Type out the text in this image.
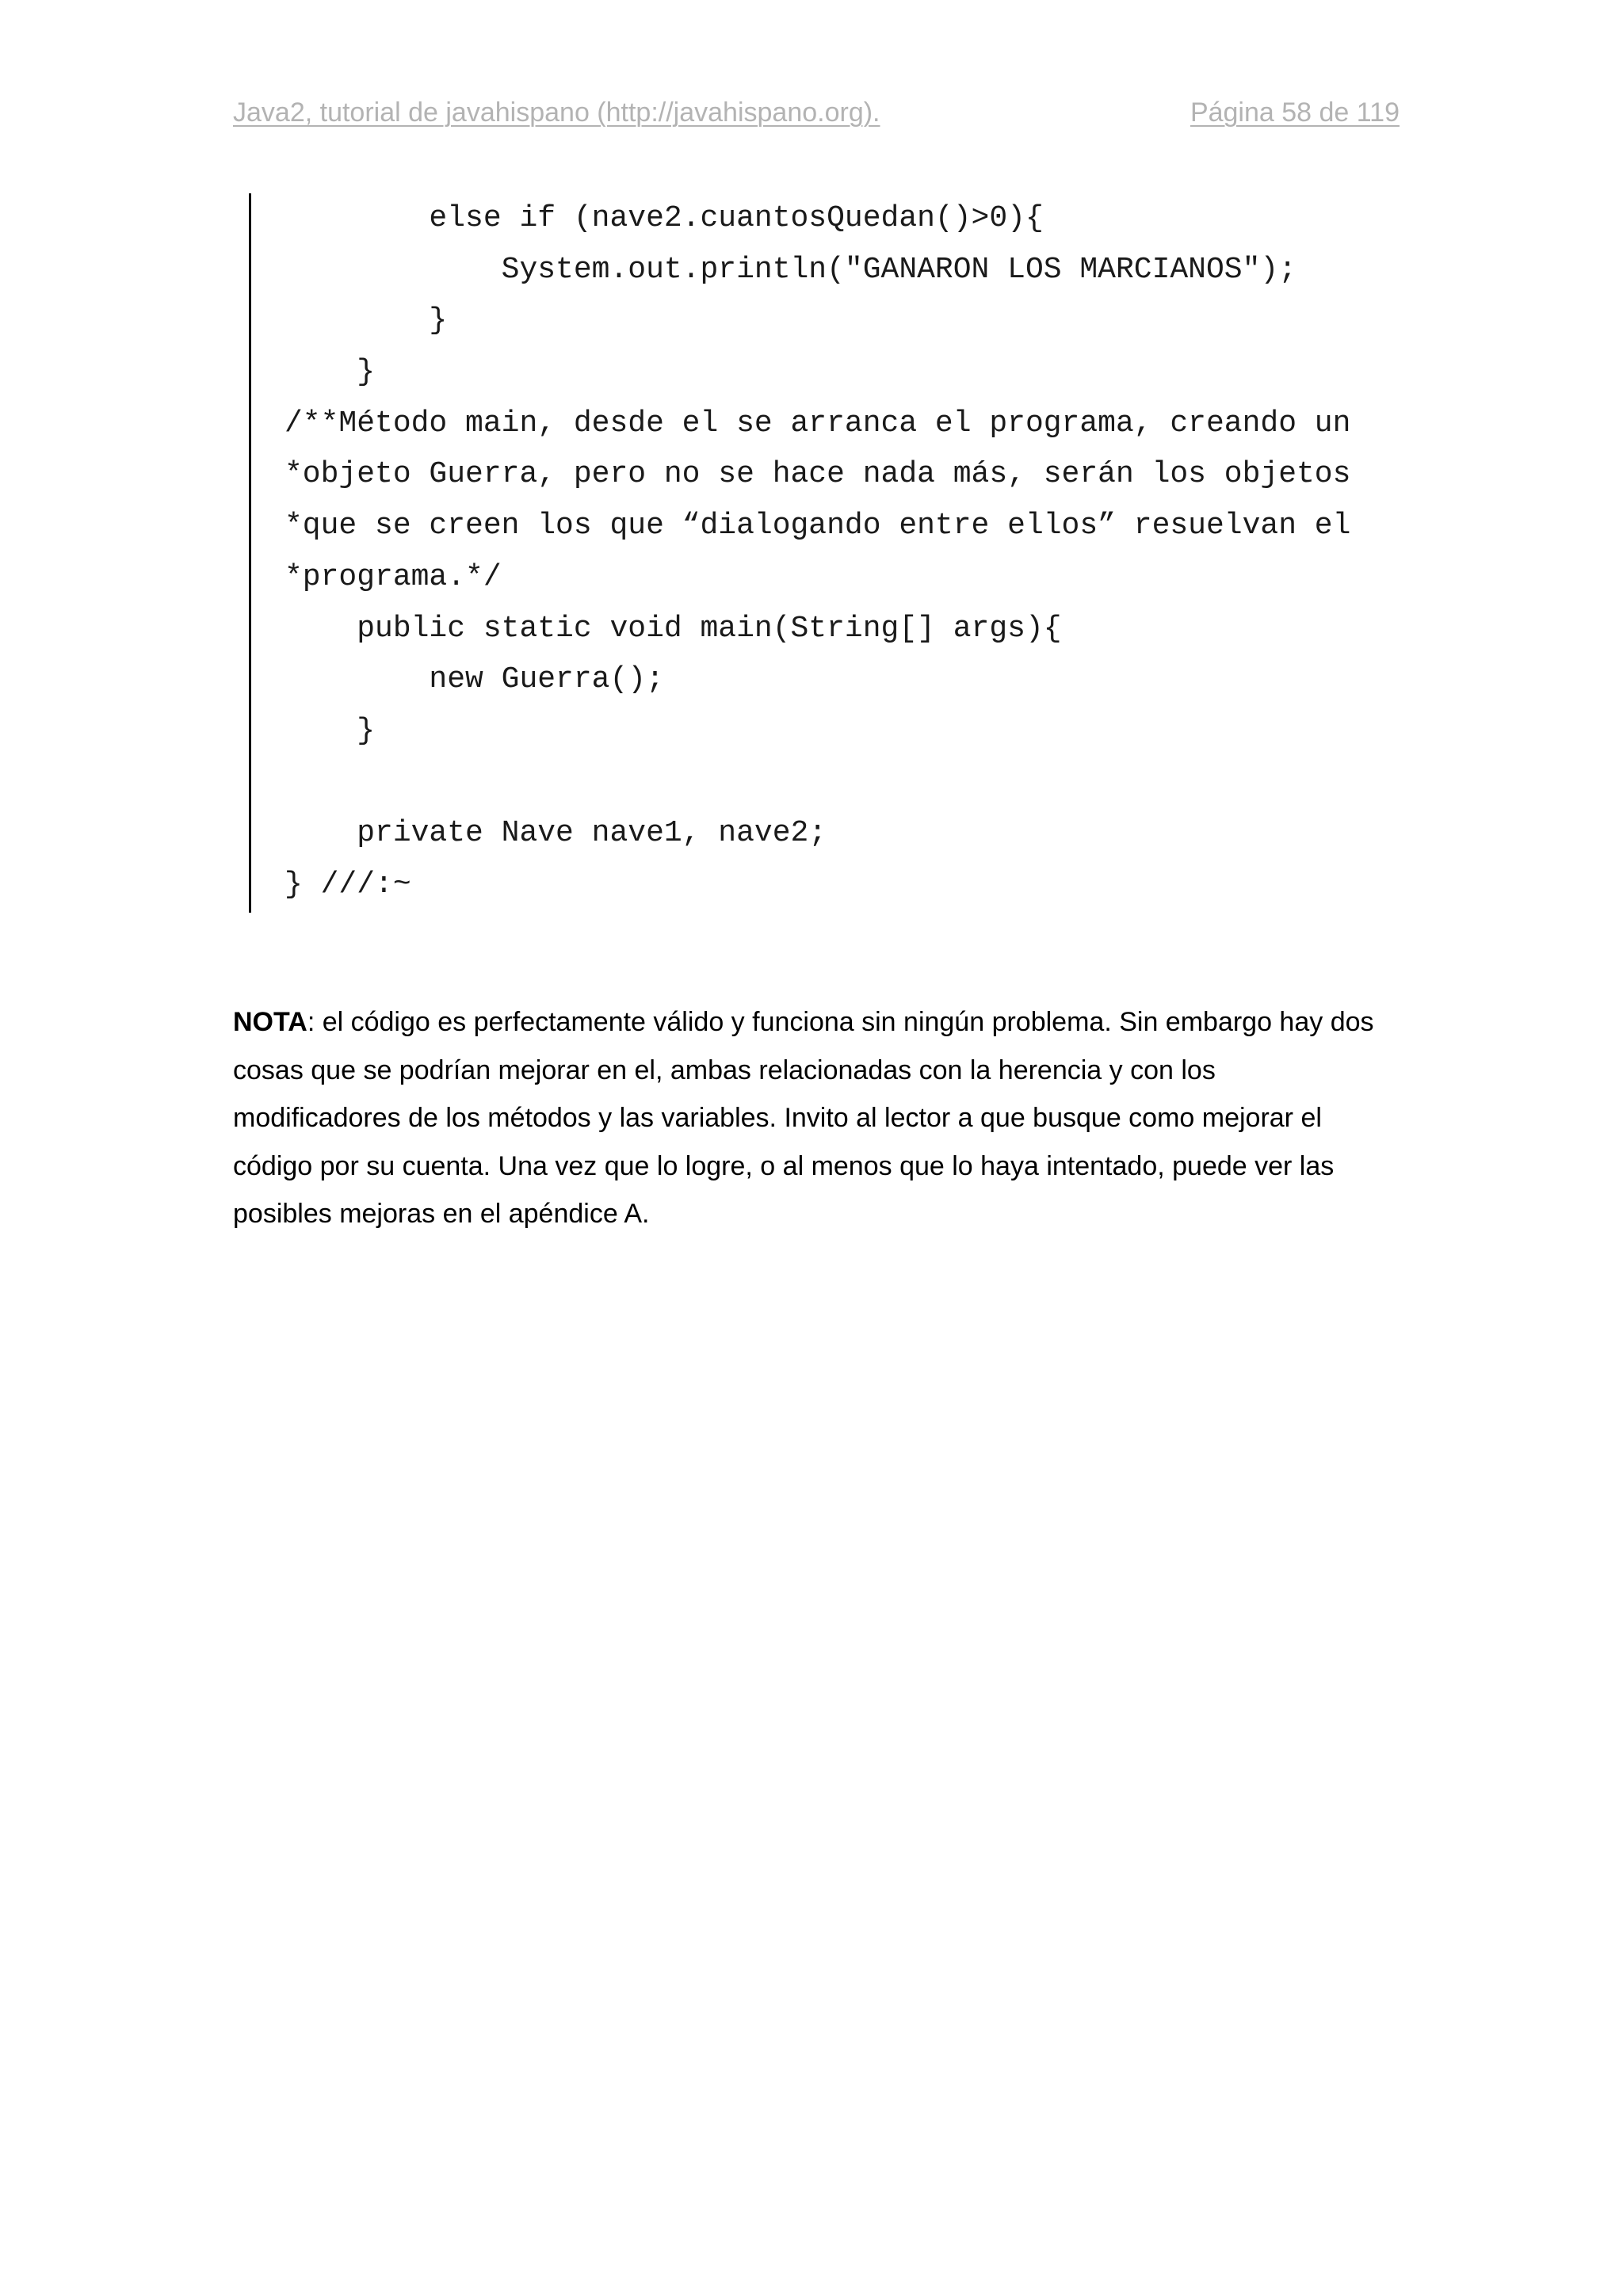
Java2, tutorial de javahispano (http://javahispano.org).	Página 58 de 119
else if (nave2.cuantosQuedan()>0){
System.out.println("GANARON LOS MARCIANOS");
}
}
/**Método main, desde el se arranca el programa, creando un
*objeto Guerra, pero no se hace nada más, serán los objetos
*que se creen los que “dialogando entre ellos” resuelvan el
*programa.*/
public static void main(String[] args){
new Guerra();
}
private Nave nave1, nave2;
} ///:~
NOTA: el código es perfectamente válido y funciona sin ningún problema. Sin embargo hay dos
cosas que se podrían mejorar en el, ambas relacionadas con la herencia y con los
modificadores de los métodos y las variables. Invito al lector a que busque como mejorar el
código por su cuenta. Una vez que lo logre, o al menos que lo haya intentado, puede ver las
posibles mejoras en el apéndice A.
